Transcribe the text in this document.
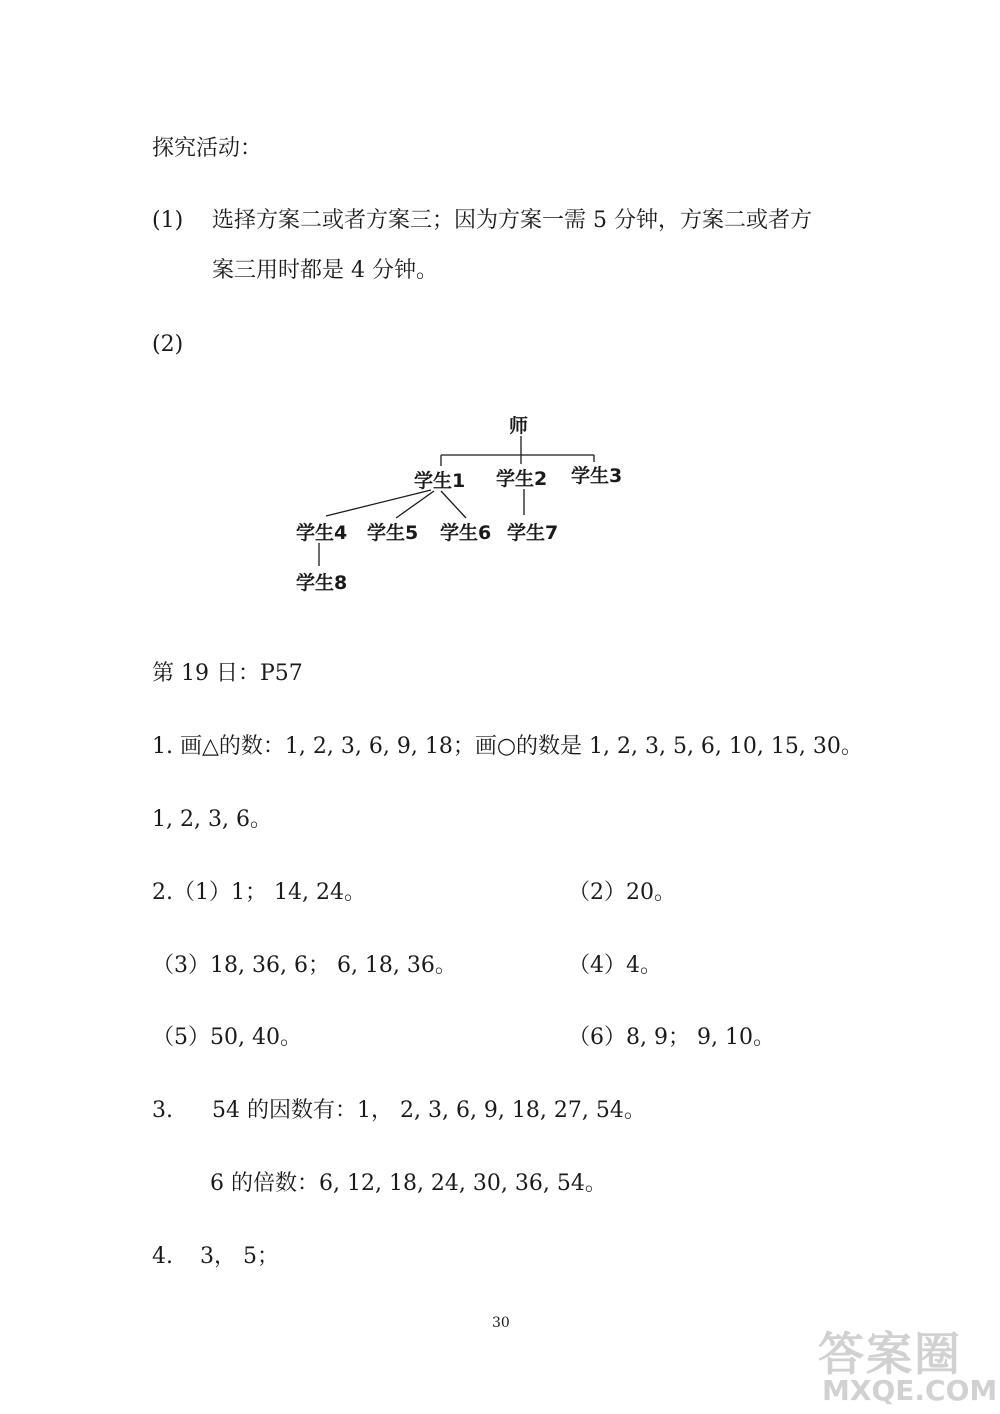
探究活动：
(1) 选择方案二或者方案三；因为方案一需 5 分钟，方案二或者方
案三用时都是 4 分钟。
(2)
师
学生1 学生2 学生3
学生4 学生5 学生6 学生7
学生8
第 19 日：P57
1. 画△的数：1, 2, 3, 6, 9, 18；画○的数是 1, 2, 3, 5, 6, 10, 15, 30。
1, 2, 3, 6。
2.（1）1； 14, 24。	（2）20。
（3）18, 36, 6； 6, 18, 36。	（4）4。
（5）50, 40。	（6）8, 9； 9, 10。
3. 54 的因数有：1， 2, 3, 6, 9, 18, 27, 54。
6 的倍数：6, 12, 18, 24, 30, 36, 54。
4. 3， 5；
30
答案圈
MXQE.COM
